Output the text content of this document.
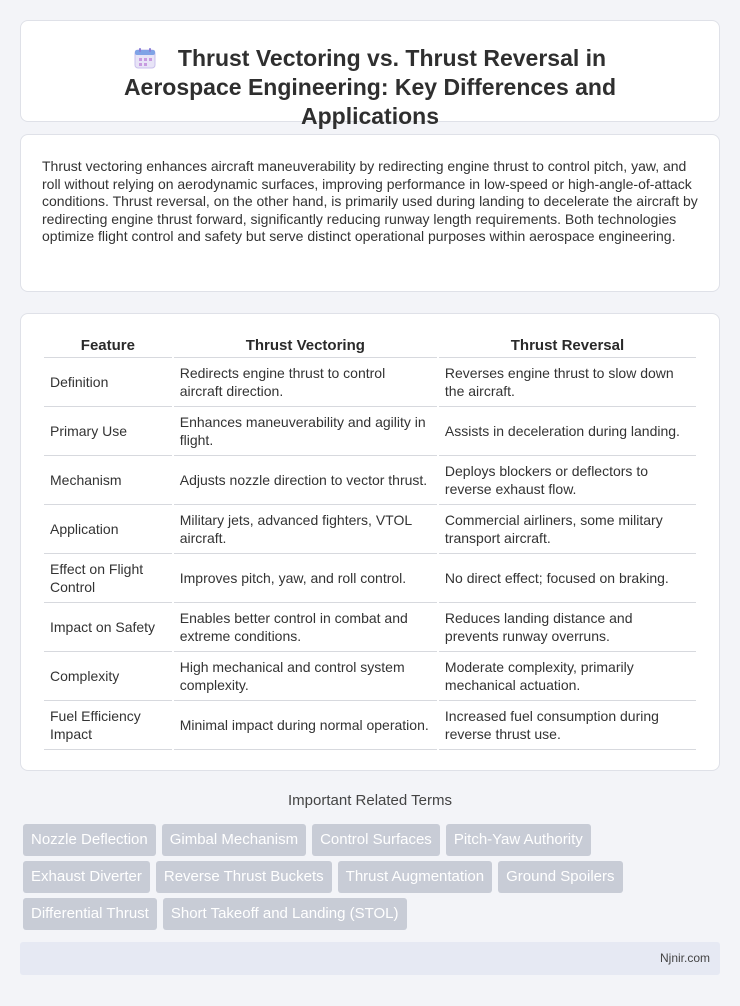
Thrust Vectoring vs. Thrust Reversal in Aerospace Engineering: Key Differences and Applications

Thrust vectoring enhances aircraft maneuverability by redirecting engine thrust to control pitch, yaw, and roll without relying on aerodynamic surfaces, improving performance in low-speed or high-angle-of-attack conditions. Thrust reversal, on the other hand, is primarily used during landing to decelerate the aircraft by redirecting engine thrust forward, significantly reducing runway length requirements. Both technologies optimize flight control and safety but serve distinct operational purposes within aerospace engineering.

Feature	Thrust Vectoring	Thrust Reversal
Definition	Redirects engine thrust to control aircraft direction.	Reverses engine thrust to slow down the aircraft.
Primary Use	Enhances maneuverability and agility in flight.	Assists in deceleration during landing.
Mechanism	Adjusts nozzle direction to vector thrust.	Deploys blockers or deflectors to reverse exhaust flow.
Application	Military jets, advanced fighters, VTOL aircraft.	Commercial airliners, some military transport aircraft.
Effect on Flight Control	Improves pitch, yaw, and roll control.	No direct effect; focused on braking.
Impact on Safety	Enables better control in combat and extreme conditions.	Reduces landing distance and prevents runway overruns.
Complexity	High mechanical and control system complexity.	Moderate complexity, primarily mechanical actuation.
Fuel Efficiency Impact	Minimal impact during normal operation.	Increased fuel consumption during reverse thrust use.
Important Related Terms
Nozzle Deflection	Gimbal Mechanism	Control Surfaces	Pitch-Yaw Authority
Exhaust Diverter	Reverse Thrust Buckets	Thrust Augmentation	Ground Spoilers
Differential Thrust	Short Takeoff and Landing (STOL)
Njnir.com
